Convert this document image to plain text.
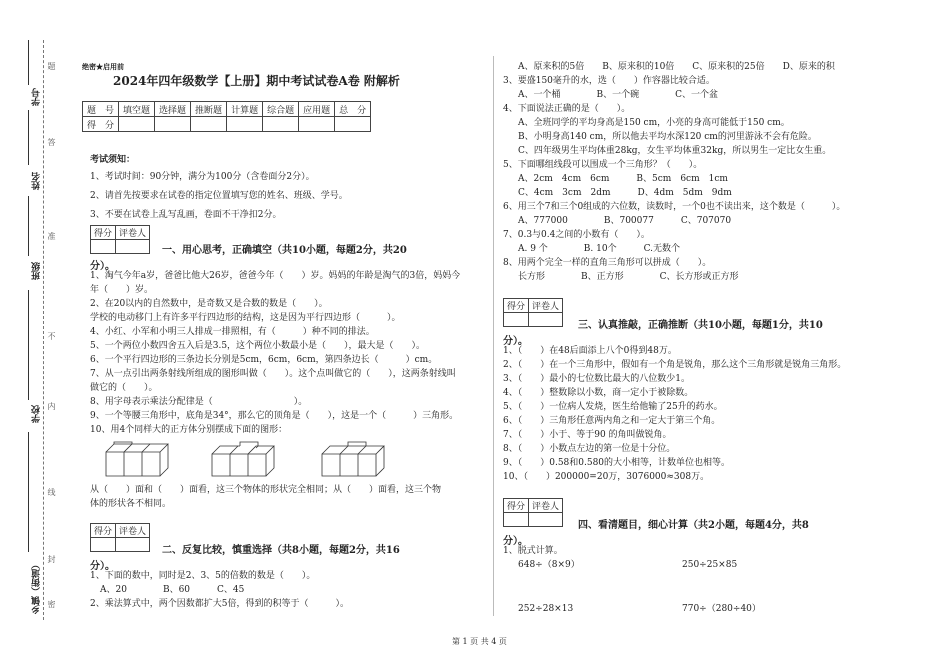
学号
姓名
班级
学校
乡镇（街道）
题
答
准
不
内
线
封
密
绝密★启用前
2024年四年级数学【上册】期中考试试卷A卷 附解析
题　号	填空题	选择题	推断题	计算题	综合题	应用题	总　分
得　分							
考试须知：
1、考试时间：90分钟，满分为100分（含卷面分2分）。
2、请首先按要求在试卷的指定位置填写您的姓名、班级、学号。
3、不要在试卷上乱写乱画，卷面不干净扣2分。
得分	评卷人

一、用心思考，正确填空（共10小题，每题2分，共20
分）。
1、淘气今年a岁，爸爸比他大26岁，爸爸今年（　　）岁。妈妈的年龄是淘气的3倍，妈妈今
年（　　）岁。
2、在20以内的自然数中，是奇数又是合数的数是（　　）。
学校的电动移门上有许多平行四边形的结构，这是因为平行四边形（　　　）。
4、小红、小军和小明三人排成一排照相，有（　　　）种不同的排法。
5、一个两位小数四舍五入后是3.5，这个两位小数最小是（　　），最大是（　　）。
6、一个平行四边形的三条边长分别是5cm，6cm，6cm，第四条边长（　　　）cm。
7、从一点引出两条射线所组成的图形叫做（　　）。这个点叫做它的（　　），这两条射线叫
做它的（　　）。
8、用字母表示乘法分配律是（　　　　　　　　　）。
9、一个等腰三角形中，底角是34°，那么它的顶角是（　　），这是一个（　　　）三角形。
10、用4个同样大的正方体分别摆成下面的图形：
从（　　）面和（　　）面看，这三个物体的形状完全相同；从（　　）面看，这三个物
体的形状各不相同。
得分	评卷人

二、反复比较，慎重选择（共8小题，每题2分，共16
分）。
1、下面的数中，同时是2、3、5的倍数的数是（　　）。
A、20　　　　B、60　　　C、45
2、乘法算式中，两个因数都扩大5倍，得到的积等于（　　　）。
A、原来积的5倍　　B、原来积的10倍　　C、原来积的25倍　　D、原来的积
3、要盛150毫升的水，选（　　）作容器比较合适。
A、一个桶　　　　B、一个碗　　　　C、一个盆
4、下面说法正确的是（　　）。
A、全班同学的平均身高是150 cm，小亮的身高可能低于150 cm。
B、小明身高140 cm，所以他去平均水深120 cm的河里游泳不会有危险。
C、四年级男生平均体重28kg，女生平均体重32kg，所以男生一定比女生重。
5、下面哪组线段可以围成一个三角形？（　　）。
A、2cm　4cm　6cm　　　B、5cm　6cm　1cm
C、4cm　3cm　2dm　　　D、4dm　5dm　9dm
6、用三个7和三个0组成的六位数，读数时，一个0也不读出来，这个数是（　　　）。
A、777000　　　　B、700077　　　C、707070
7、0.3与0.4之间的小数有（　　）。
A. 9 个　　　　B. 10个　　　C.无数个
8、用两个完全一样的直角三角形可以拼成（　　）。
长方形　　　　B、正方形　　　　C、长方形或正方形
得分	评卷人

三、认真推敲，正确推断（共10小题，每题1分，共10
分）。
1、（　　）在48后面添上八个0得到48万。
2、（　　）在一个三角形中，假如有一个角是锐角，那么这个三角形就是锐角三角形。
3、（　　）最小的七位数比最大的八位数少1。
4、（　　）整数除以小数，商一定小于被除数。
5、（　　）一位病人发烧，医生给他输了25升的药水。
6、（　　）三角形任意两内角之和一定大于第三个角。
7、（　　）小于、等于90 的角叫做锐角。
8、（　　）小数点左边的第一位是十分位。
9、（　　）0.58和0.580的大小相等，计数单位也相等。
10、（　　）200000=20万，3076000≈308万。
得分	评卷人

四、看清题目，细心计算（共2小题，每题4分，共8
分）。
1、脱式计算。
648÷（8×9）	250÷25×85
252÷28×13	770÷（280÷40）
第 1 页 共 4 页
